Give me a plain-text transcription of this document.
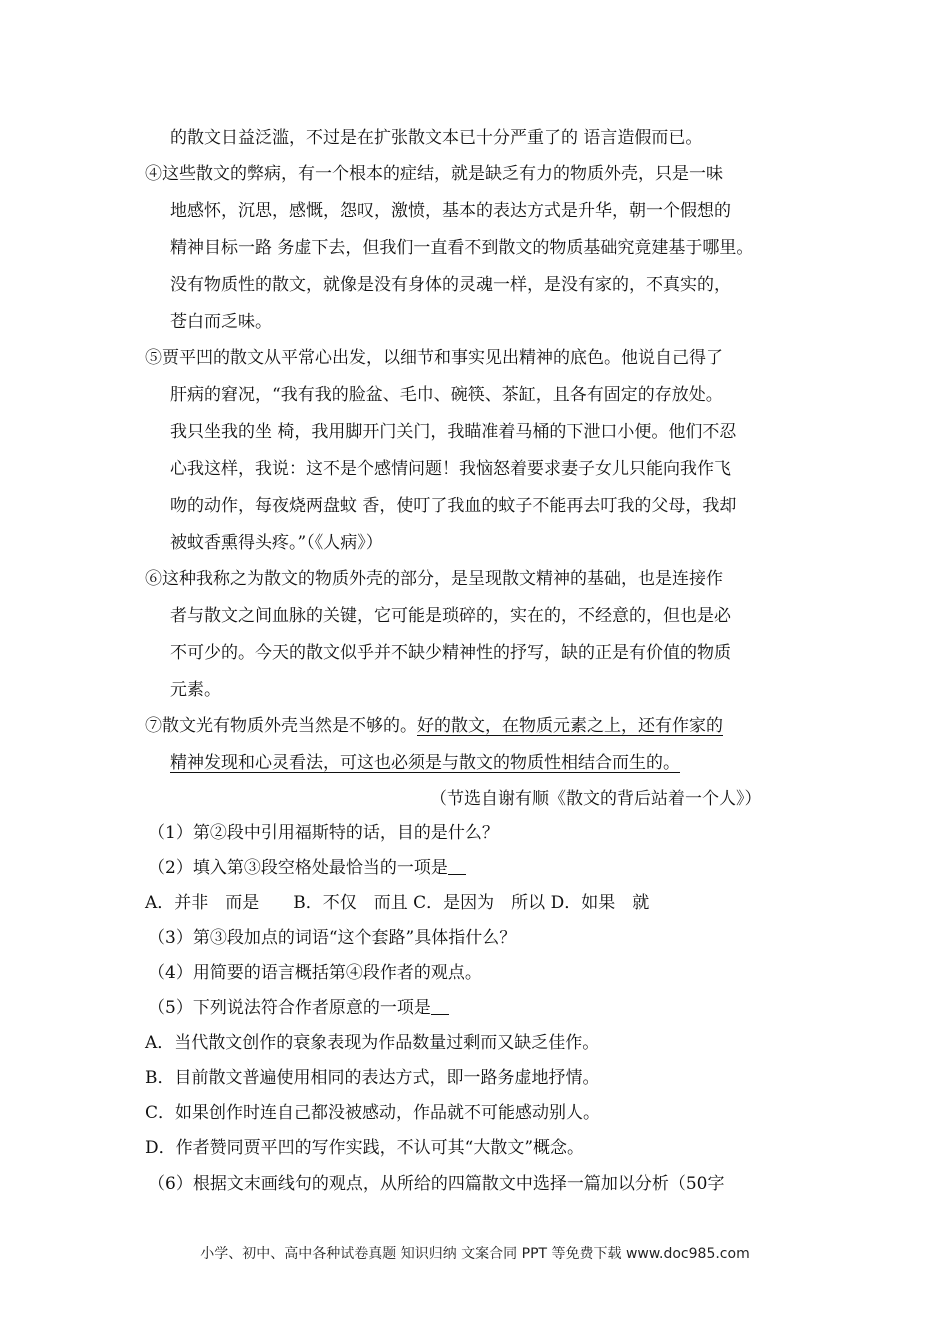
的散文日益泛滥，不过是在扩张散文本已十分严重了的 语言造假而已。
④这些散文的弊病，有一个根本的症结，就是缺乏有力的物质外壳，只是一味
地感怀，沉思，感慨，怨叹，激愤，基本的表达方式是升华，朝一个假想的
精神目标一路 务虚下去，但我们一直看不到散文的物质基础究竟建基于哪里。
没有物质性的散文，就像是没有身体的灵魂一样，是没有家的，不真实的，
苍白而乏味。
⑤贾平凹的散文从平常心出发，以细节和事实见出精神的底色。他说自己得了
肝病的窘况，“我有我的脸盆、毛巾、碗筷、茶缸，且各有固定的存放处。
我只坐我的坐 椅，我用脚开门关门，我瞄准着马桶的下泄口小便。他们不忍
心我这样，我说：这不是个感情问题！我恼怒着要求妻子女儿只能向我作飞
吻的动作，每夜烧两盘蚊 香，使叮了我血的蚊子不能再去叮我的父母，我却
被蚊香熏得头疼。”（《人病》）
⑥这种我称之为散文的物质外壳的部分，是呈现散文精神的基础，也是连接作
者与散文之间血脉的关键，它可能是琐碎的，实在的，不经意的，但也是必
不可少的。今天的散文似乎并不缺少精神性的抒写，缺的正是有价值的物质
元素。
⑦散文光有物质外壳当然是不够的。好的散文，在物质元素之上，还有作家的
精神发现和心灵看法，可这也必须是与散文的物质性相结合而生的。
（节选自谢有顺《散文的背后站着一个人》）
（1）第②段中引用福斯特的话，目的是什么？
（2）填入第③段空格处最恰当的一项是
A．并非　而是　　B．不仅　而且 C．是因为　所以 D．如果　就
（3）第③段加点的词语“这个套路”具体指什么？
（4）用简要的语言概括第④段作者的观点。
（5）下列说法符合作者原意的一项是
A．当代散文创作的衰象表现为作品数量过剩而又缺乏佳作。
B．目前散文普遍使用相同的表达方式，即一路务虚地抒情。
C．如果创作时连自己都没被感动，作品就不可能感动别人。
D．作者赞同贾平凹的写作实践，不认可其“大散文”概念。
（6）根据文末画线句的观点，从所给的四篇散文中选择一篇加以分析（50字
小学、初中、高中各种试卷真题 知识归纳 文案合同 PPT 等免费下载 www.doc985.com
